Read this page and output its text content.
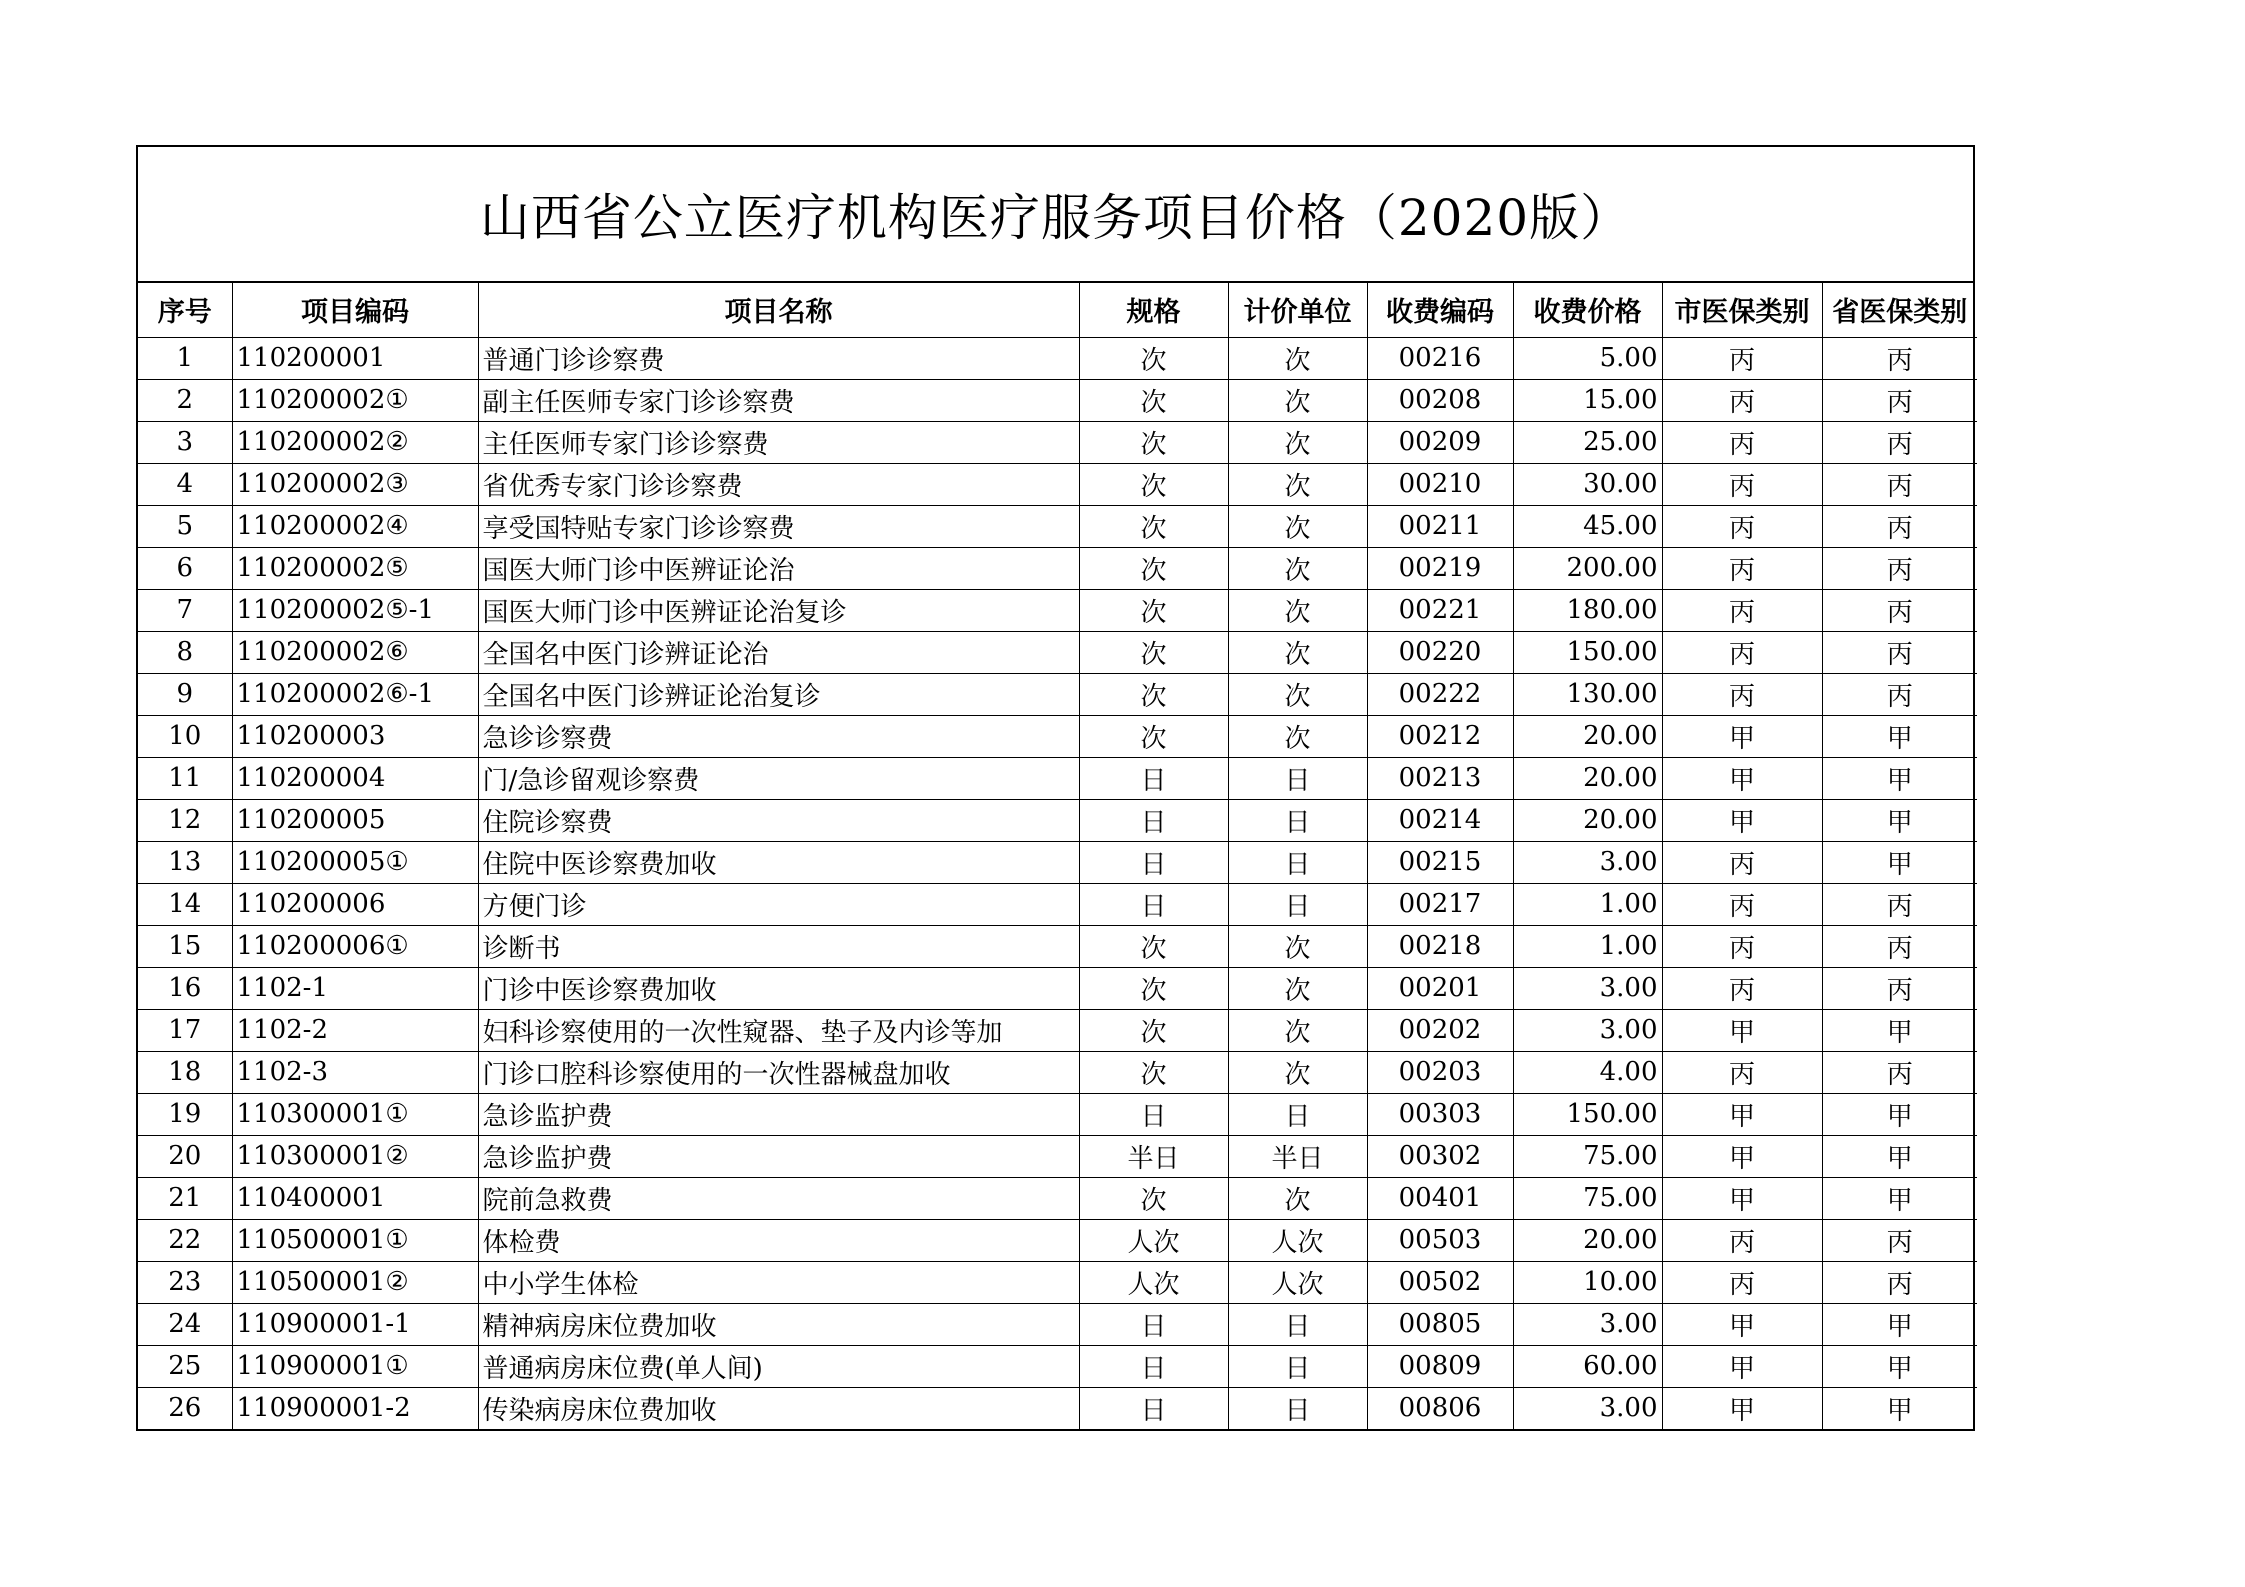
山西省公立医疗机构医疗服务项目价格（2020版）
序号	项目编码	项目名称	规格	计价单位	收费编码	收费价格	市医保类别	省医保类别
1	110200001	普通门诊诊察费	次	次	00216	5.00	丙	丙
2	110200002①	副主任医师专家门诊诊察费	次	次	00208	15.00	丙	丙
3	110200002②	主任医师专家门诊诊察费	次	次	00209	25.00	丙	丙
4	110200002③	省优秀专家门诊诊察费	次	次	00210	30.00	丙	丙
5	110200002④	享受国特贴专家门诊诊察费	次	次	00211	45.00	丙	丙
6	110200002⑤	国医大师门诊中医辨证论治	次	次	00219	200.00	丙	丙
7	110200002⑤-1	国医大师门诊中医辨证论治复诊	次	次	00221	180.00	丙	丙
8	110200002⑥	全国名中医门诊辨证论治	次	次	00220	150.00	丙	丙
9	110200002⑥-1	全国名中医门诊辨证论治复诊	次	次	00222	130.00	丙	丙
10	110200003	急诊诊察费	次	次	00212	20.00	甲	甲
11	110200004	门/急诊留观诊察费	日	日	00213	20.00	甲	甲
12	110200005	住院诊察费	日	日	00214	20.00	甲	甲
13	110200005①	住院中医诊察费加收	日	日	00215	3.00	丙	甲
14	110200006	方便门诊	日	日	00217	1.00	丙	丙
15	110200006①	诊断书	次	次	00218	1.00	丙	丙
16	1102-1	门诊中医诊察费加收	次	次	00201	3.00	丙	丙
17	1102-2	妇科诊察使用的一次性窥器、垫子及内诊等加	次	次	00202	3.00	甲	甲
18	1102-3	门诊口腔科诊察使用的一次性器械盘加收	次	次	00203	4.00	丙	丙
19	110300001①	急诊监护费	日	日	00303	150.00	甲	甲
20	110300001②	急诊监护费	半日	半日	00302	75.00	甲	甲
21	110400001	院前急救费	次	次	00401	75.00	甲	甲
22	110500001①	体检费	人次	人次	00503	20.00	丙	丙
23	110500001②	中小学生体检	人次	人次	00502	10.00	丙	丙
24	110900001-1	精神病房床位费加收	日	日	00805	3.00	甲	甲
25	110900001①	普通病房床位费(单人间)	日	日	00809	60.00	甲	甲
26	110900001-2	传染病房床位费加收	日	日	00806	3.00	甲	甲
